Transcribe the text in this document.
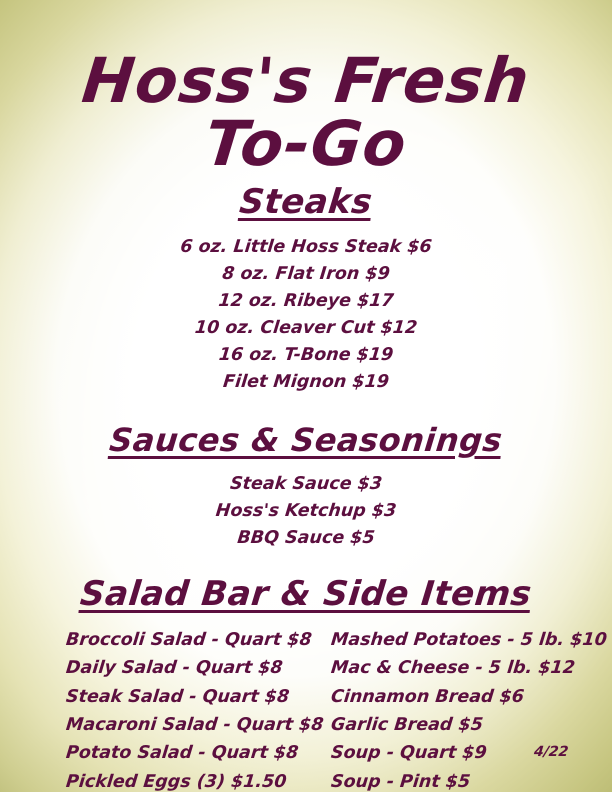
Hoss's Fresh
To-Go
Steaks
6 oz. Little Hoss Steak $6
8 oz. Flat Iron $9
12 oz. Ribeye $17
10 oz. Cleaver Cut $12
16 oz. T-Bone $19
Filet Mignon $19
Sauces & Seasonings
Steak Sauce $3
Hoss's Ketchup $3
BBQ Sauce $5
Salad Bar & Side Items
Broccoli Salad - Quart $8
Daily Salad - Quart $8
Steak Salad - Quart $8
Macaroni Salad - Quart $8
Potato Salad - Quart $8
Pickled Eggs (3) $1.50
Mashed Potatoes - 5 lb. $10
Mac & Cheese - 5 lb. $12
Cinnamon Bread $6
Garlic Bread $5
Soup - Quart $9
Soup - Pint $5
4/22
